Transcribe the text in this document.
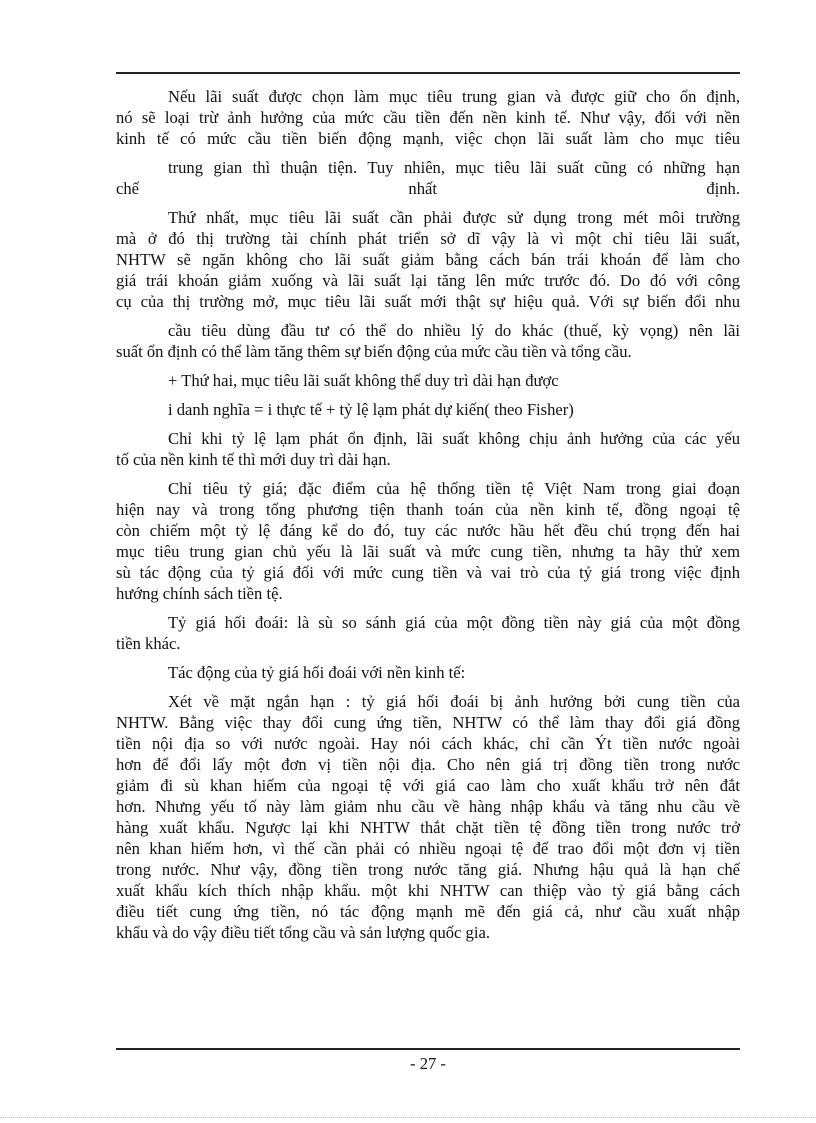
Nếu lãi suất được chọn làm mục tiêu trung gian và được giữ cho ổn định,
nó sẽ loại trừ ảnh hưởng của mức cầu tiền đến nền kinh tế. Như vậy, đối với nền
kinh tế có mức cầu tiền biến động mạnh, việc chọn lãi suất làm cho mục tiêu
trung gian thì thuận tiện. Tuy nhiên, mục tiêu lãi suất cũng có những hạn
chế	nhất	định.
Thứ nhất, mục tiêu lãi suất cần phải được sử dụng trong mét môi trường
mà ở đó thị trường tài chính phát triển sở dĩ vậy là vì một chỉ tiêu lãi suất,
NHTW sẽ ngăn không cho lãi suất giảm bằng cách bán trái khoán để làm cho
giá trái khoán giảm xuống và lãi suất lại tăng lên mức trước đó. Do đó với công
cụ của thị trường mở, mục tiêu lãi suất mới thật sự hiệu quả. Với sự biến đổi nhu
cầu tiêu dùng đầu tư có thể do nhiều lý do khác (thuế, kỳ vọng) nên lãi
suất ổn định có thể làm tăng thêm sự biến động của mức cầu tiền và tổng cầu.
+ Thứ hai, mục tiêu lãi suất không thể duy trì dài hạn được
i danh nghĩa = i thực tế + tỷ lệ lạm phát dự kiến( theo Fisher)
Chỉ khi tỷ lệ lạm phát ổn định, lãi suất không chịu ảnh hưởng của các yếu
tố của nền kinh tế thì mới duy trì dài hạn.
Chỉ tiêu tỷ giá; đặc điểm của hệ thống tiền tệ Việt Nam trong giai đoạn
hiện nay và trong tổng phương tiện thanh toán của nền kinh tế, đồng ngoại tệ
còn chiếm một tỷ lệ đáng kể do đó, tuy các nước hầu hết đều chú trọng đến hai
mục tiêu trung gian chủ yếu là lãi suất và mức cung tiền, nhưng ta hãy thử xem
sù tác động của tỷ giá đối với mức cung tiền và vai trò của tỷ giá trong việc định
hướng chính sách tiền tệ.
Tỷ giá hối đoái: là sù so sánh giá của một đồng tiền này giá của một đồng
tiền khác.
Tác động của tỷ giá hối đoái với nền kinh tế:
Xét về mặt ngắn hạn : tỷ giá hối đoái bị ảnh hưởng bởi cung tiền của
NHTW. Bằng việc thay đổi cung ứng tiền, NHTW có thể làm thay đổi giá đồng
tiền nội địa so với nước ngoài. Hay nói cách khác, chỉ cần Ýt tiền nước ngoài
hơn để đổi lấy một đơn vị tiền nội địa. Cho nên giá trị đồng tiền trong nước
giảm đi sù khan hiếm của ngoại tệ với giá cao làm cho xuất khẩu trở nên đắt
hơn. Nhưng yếu tố này làm giảm nhu cầu về hàng nhập khẩu và tăng nhu cầu về
hàng xuất khẩu. Ngược lại khi NHTW thắt chặt tiền tệ đồng tiền trong nước trở
nên khan hiếm hơn, vì thế cần phải có nhiều ngoại tệ để trao đổi một đơn vị tiền
trong nước. Như vậy, đồng tiền trong nước tăng giá. Nhưng hậu quả là hạn chế
xuất khẩu kích thích nhập khẩu. một khi NHTW can thiệp vào tỷ giá bằng cách
điều tiết cung ứng tiền, nó tác động mạnh mẽ đến giá cả, như cầu xuất nhập
khẩu và do vậy điều tiết tổng cầu và sản lượng quốc gia.
- 27 -
